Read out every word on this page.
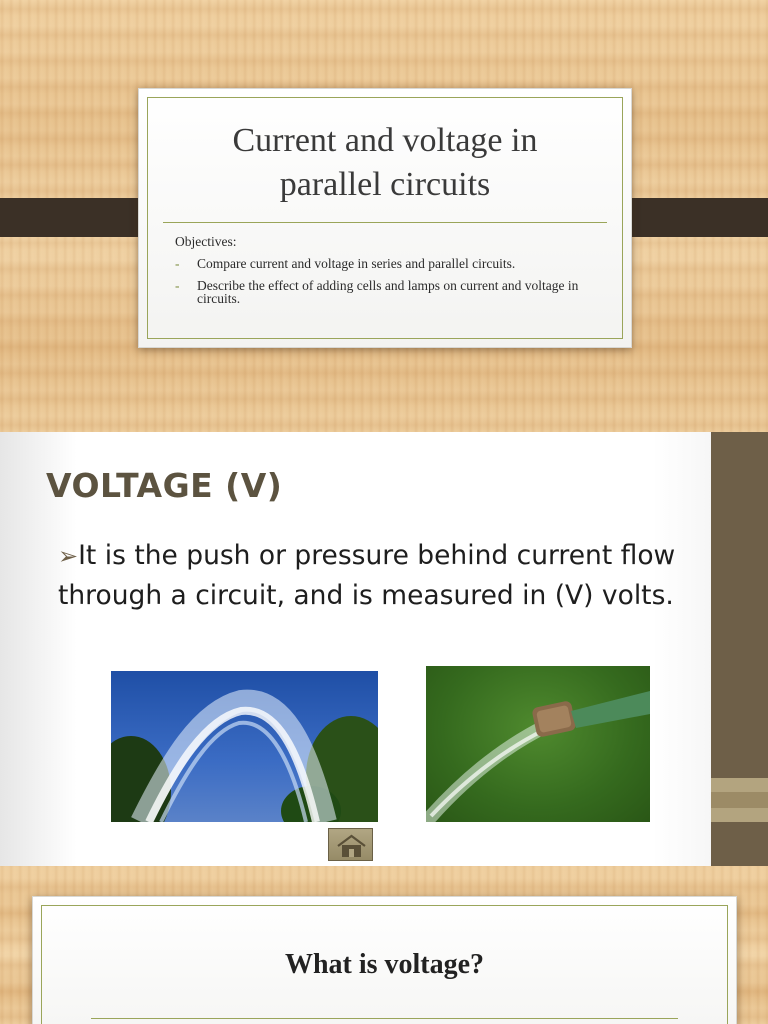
Current and voltage in
parallel circuits
Objectives:
- Compare current and voltage in series and parallel circuits.
- Describe the effect of adding cells and lamps on current and voltage in circuits.
VOLTAGE (V)
➢It is the push or pressure behind current flow through a circuit, and is measured in (V) volts.
What is voltage?
